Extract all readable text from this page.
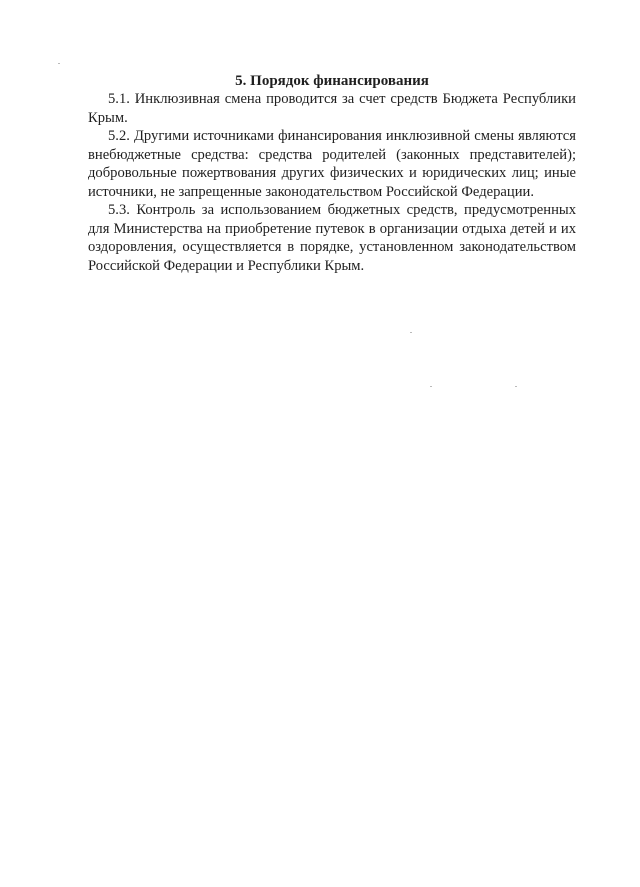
5. Порядок финансирования

5.1. Инклюзивная смена проводится за счет средств Бюджета Республики Крым.

5.2. Другими источниками финансирования инклюзивной смены являются внебюджетные средства: средства родителей (законных представителей); добровольные пожертвования других физических и юридических лиц; иные источники, не запрещенные законодательством Российской Федерации.

5.3. Контроль за использованием бюджетных средств, предусмотренных для Министерства на приобретение путевок в организации отдыха детей и их оздоровления, осуществляется в порядке, установленном законодательством Российской Федерации и Республики Крым.
